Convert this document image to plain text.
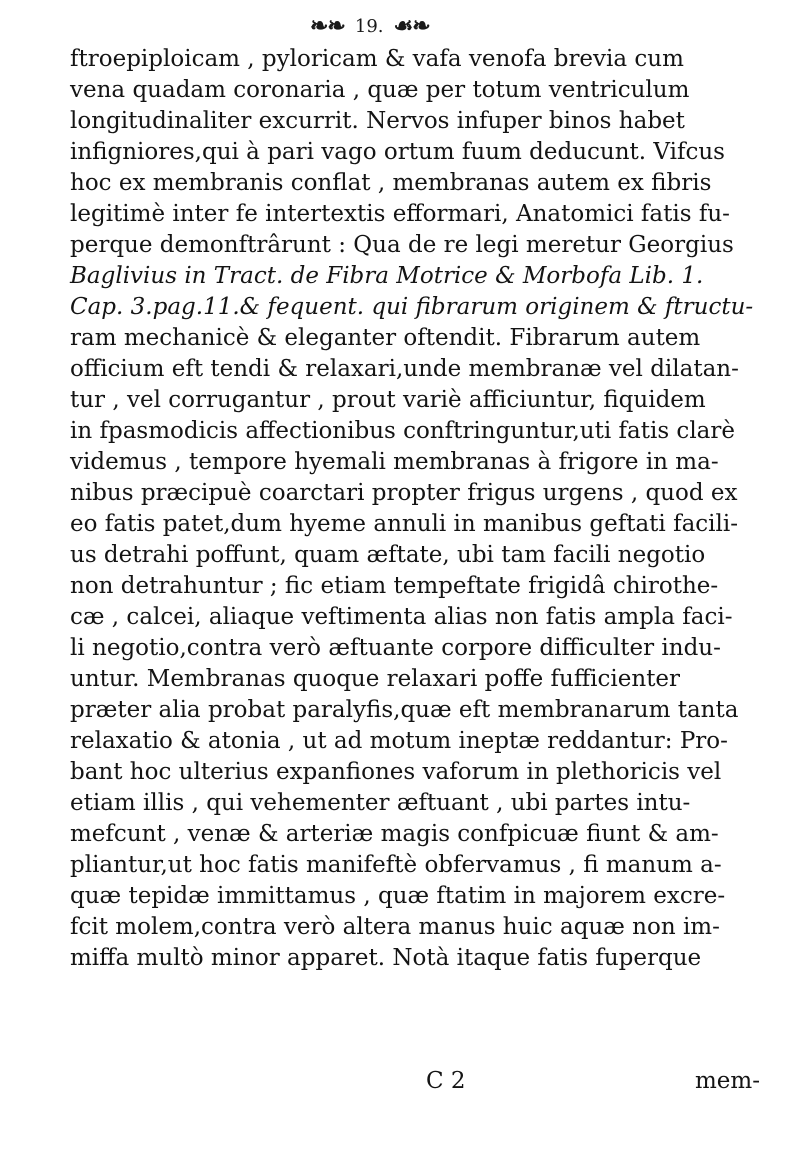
❧❧ 19. ☙❧
ftroepiploicam , pyloricam & vafa venofa brevia cum
vena quadam coronaria , quæ per totum ventriculum
longitudinaliter excurrit. Nervos infuper binos habet
infigniores,qui à pari vago ortum fuum deducunt. Vifcus
hoc ex membranis conflat , membranas autem ex fibris
legitimè inter fe intertextis efformari, Anatomici fatis fu-
perque demonftrârunt : Qua de re legi meretur Georgius
Baglivius in Tract. de Fibra Motrice & Morbofa Lib. 1.
Cap. 3.pag.11.& fequent. qui fibrarum originem & ftructu-
ram mechanicè & eleganter oftendit. Fibrarum autem
officium eft tendi & relaxari,unde membranæ vel dilatan-
tur , vel corrugantur , prout variè afficiuntur, fiquidem
in fpasmodicis affectionibus conftringuntur,uti fatis clarè
videmus , tempore hyemali membranas à frigore in ma-
nibus præcipuè coarctari propter frigus urgens , quod ex
eo fatis patet,dum hyeme annuli in manibus geftati facili-
us detrahi poffunt, quam æftate, ubi tam facili negotio
non detrahuntur ; fic etiam tempeftate frigidâ chirothe-
cæ , calcei, aliaque veftimenta alias non fatis ampla faci-
li negotio,contra verò æftuante corpore difficulter indu-
untur. Membranas quoque relaxari poffe fufficienter
præter alia probat paralyfis,quæ eft membranarum tanta
relaxatio & atonia , ut ad motum ineptæ reddantur: Pro-
bant hoc ulterius expanfiones vaforum in plethoricis vel
etiam illis , qui vehementer æftuant , ubi partes intu-
mefcunt , venæ & arteriæ magis confpicuæ fiunt & am-
pliantur,ut hoc fatis manifeftè obfervamus , fi manum a-
quæ tepidæ immittamus , quæ ftatim in majorem excre-
fcit molem,contra verò altera manus huic aquæ non im-
miffa multò minor apparet. Notà itaque fatis fuperque
C 2	mem-
